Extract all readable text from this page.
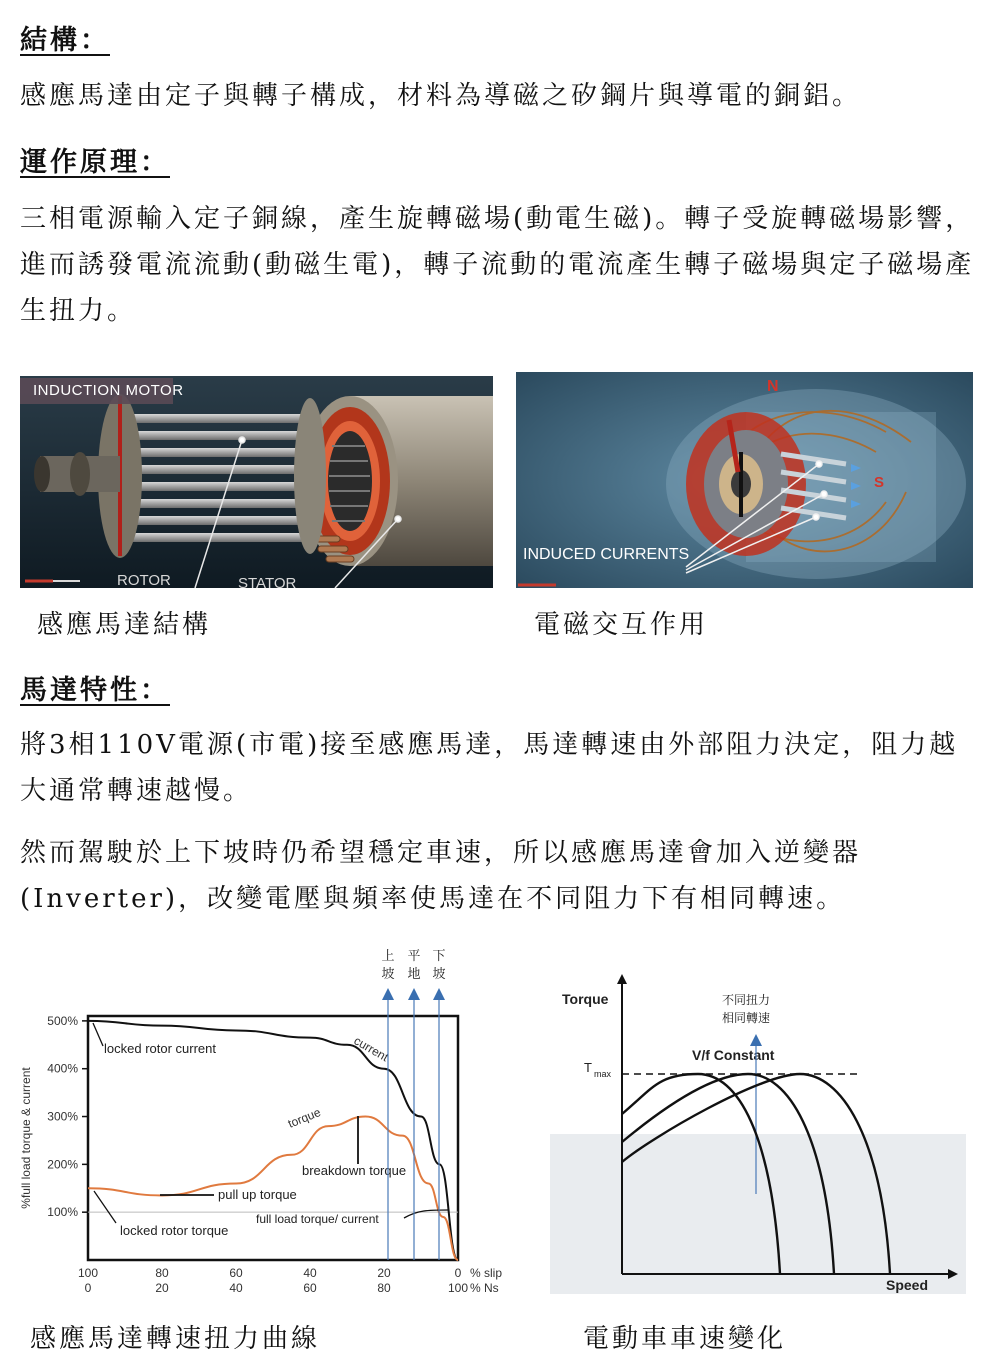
結構：

感應馬達由定子與轉子構成，材料為導磁之矽鋼片與導電的銅鋁。

運作原理：

三相電源輸入定子銅線，產生旋轉磁場(動電生磁)。轉子受旋轉磁場影響，進而誘發電流流動(動磁生電)，轉子流動的電流產生轉子磁場與定子磁場產生扭力。

INDUCTION MOTOR
ROTOR	STATOR
INDUCED CURRENTS
N
S
感應馬達結構	電磁交互作用
馬達特性：

將3相110V電源(市電)接至感應馬達，馬達轉速由外部阻力決定，阻力越大通常轉速越慢。

然而駕駛於上下坡時仍希望穩定車速，所以感應馬達會加入逆變器(Inverter)，改變電壓與頻率使馬達在不同阻力下有相同轉速。

500%
400%
300%
200%
100%
%full load torque & current
100
0
80
20
60
40
40
60
20
80
0
100
% slip
% Ns
locked rotor current	current
torque
breakdown torque
pull up torque
full load torque/ current
locked rotor torque
上
坡
平
地
下
坡
Torque
Speed
T max
V/f Constant
不同扭力
相同轉速
感應馬達轉速扭力曲線	電動車車速變化
